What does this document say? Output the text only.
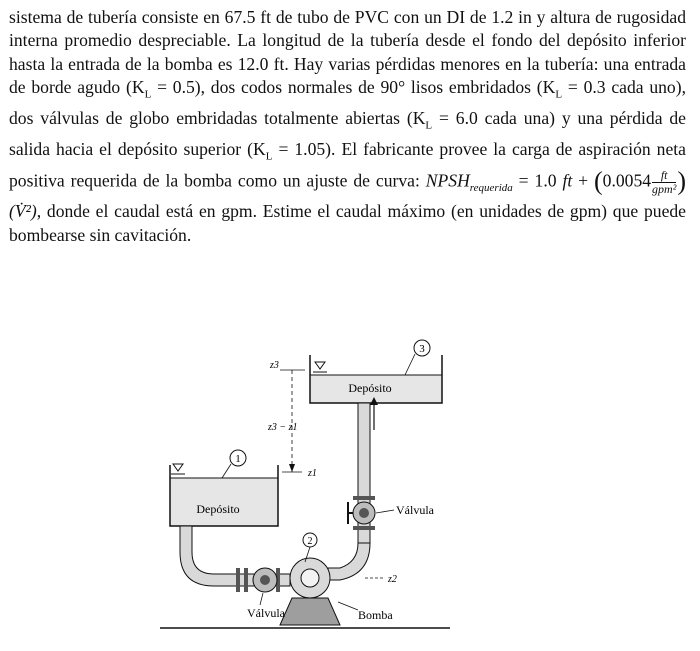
sistema de tubería consiste en 67.5 ft de tubo de PVC con un DI de 1.2 in y altura de rugosidad interna promedio despreciable. La longitud de la tubería desde el fondo del depósito inferior hasta la entrada de la bomba es 12.0 ft. Hay varias pérdidas menores en la tubería: una entrada de borde agudo $(K_L = 0.5)$, dos codos normales de 90° lisos embridados ($K_L = 0.3$ cada uno), dos válvulas de globo embridadas totalmente abiertas ($K_L = 6.0$ cada una) y una pérdida de salida hacia el depósito superior $(K_L = 1.05)$. El fabricante provee la carga de aspiración neta positiva requerida de la bomba como un ajuste de curva: $NPSH_{requerida} = 1.0$ ft + ($0.0054 \frac{ft}{\text{gpm²}}$ ) (V̇²), donde el caudal está en gpm. Estime el caudal máximo (en unidades de gpm) que puede bombearse sin cavitación.

Depósito
3
Válvula
2
Bomba
z2
Depósito
1
Válvula
z3
z3 − z1
z1
